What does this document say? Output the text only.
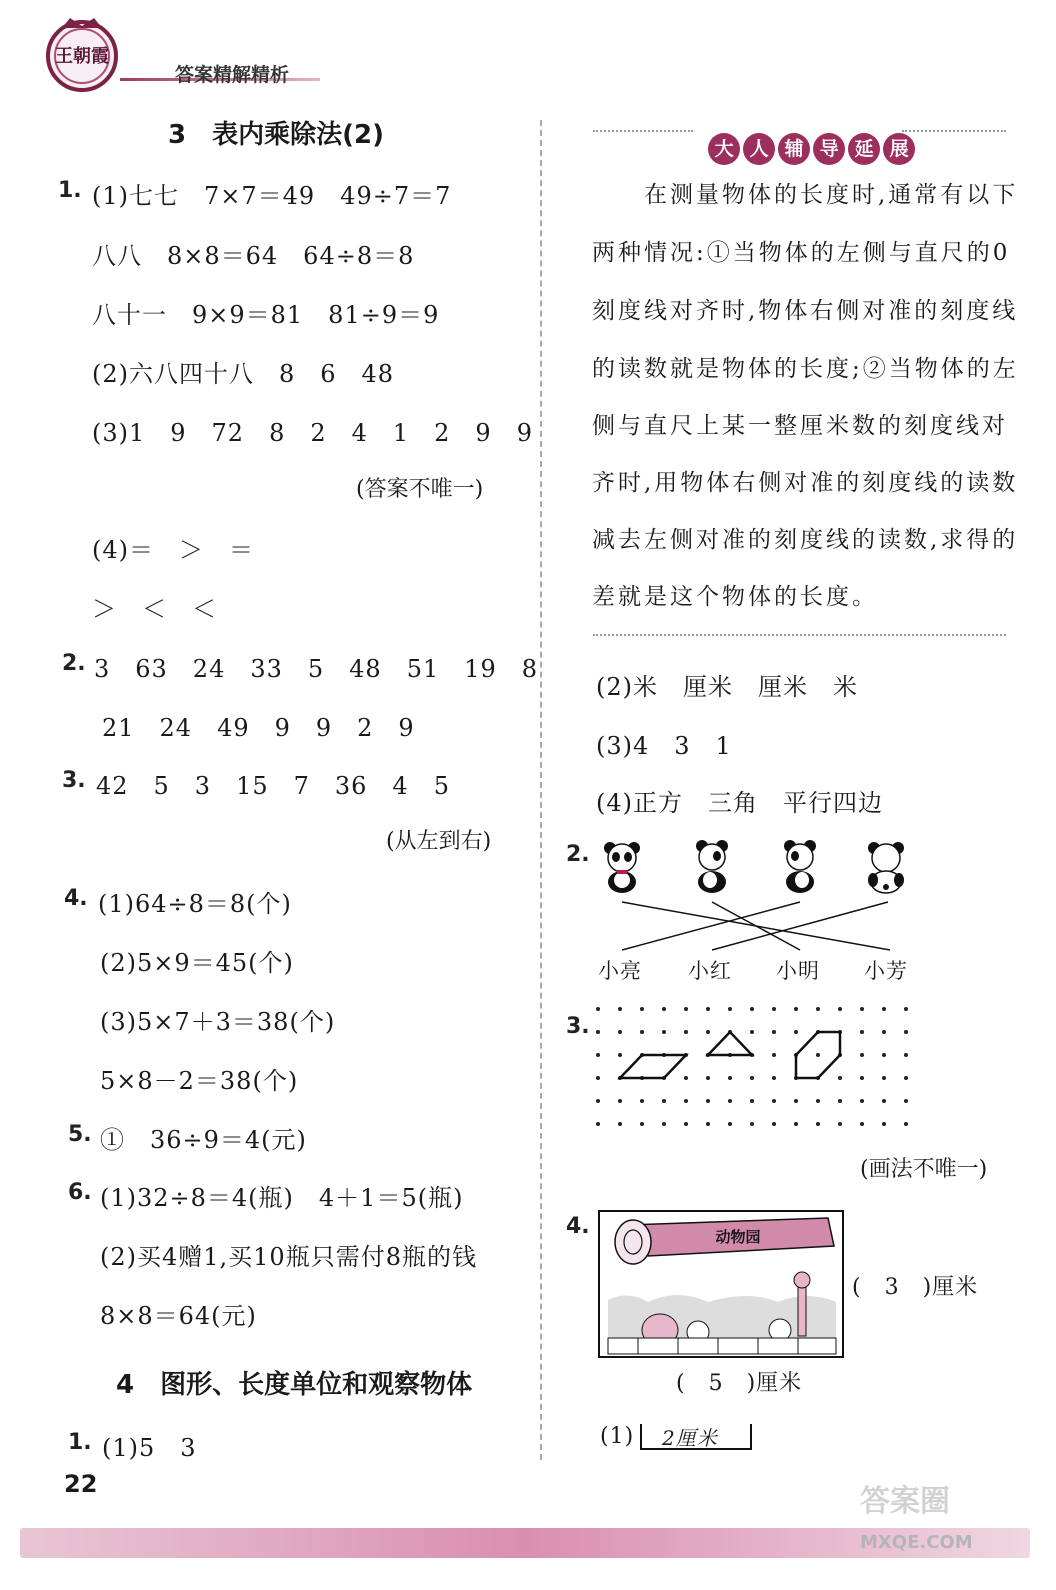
王朝霞
答案精解精析
3　表内乘除法(2)
1. (1)七七　7×7＝49　49÷7＝7
八八　8×8＝64　64÷8＝8
八十一　9×9＝81　81÷9＝9
(2)六八四十八　8　6　48
(3)1　9　72　8　2　4　1　2　9　9
(答案不唯一)
(4)＝　＞　＝
＞　＜　＜
2. 3　63　24　33　5　48　51　19　8
21　24　49　9　9　2　9
3. 42　5　3　15　7　36　4　5
(从左到右)
4. (1)64÷8＝8(个)
(2)5×9＝45(个)
(3)5×7＋3＝38(个)
5×8－2＝38(个)
5. ①　36÷9＝4(元)
6. (1)32÷8＝4(瓶)　4＋1＝5(瓶)
(2)买4赠1,买10瓶只需付8瓶的钱
8×8＝64(元)
4　图形、长度单位和观察物体
1. (1)5　3

大 人 辅 导 延 展

　　在测量物体的长度时,通常有以下
两种情况:①当物体的左侧与直尺的0
刻度线对齐时,物体右侧对准的刻度线
的读数就是物体的长度;②当物体的左
侧与直尺上某一整厘米数的刻度线对
齐时,用物体右侧对准的刻度线的读数
减去左侧对准的刻度线的读数,求得的
差就是这个物体的长度。
(2)米　厘米　厘米　米
(3)4　3　1
(4)正方　三角　平行四边
2.
小亮 小红 小明 小芳
3.
(画法不唯一)
4.	动物园
(　3　)厘米
(　5　)厘米
(1) 2厘米
22	答案圈
MXQE.COM
